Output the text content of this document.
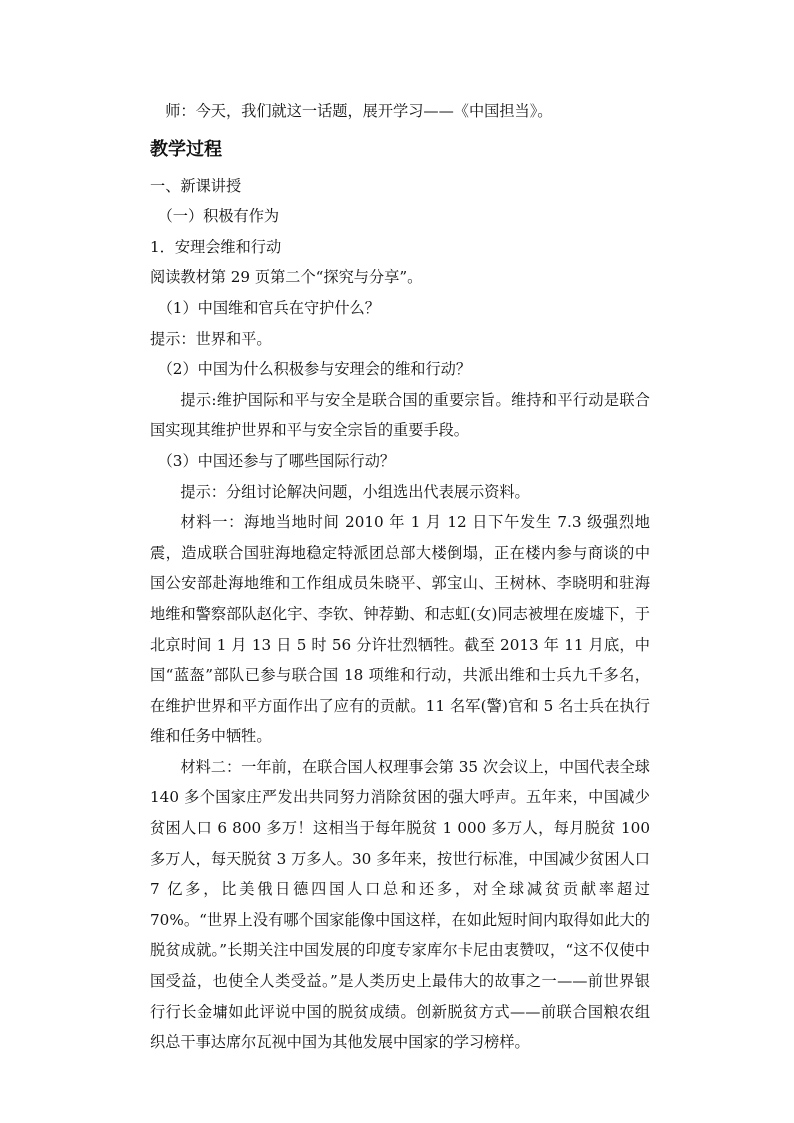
师：今天，我们就这一话题，展开学习——《中国担当》。

教学过程

一、新课讲授

（一）积极有作为

1．安理会维和行动

阅读教材第 29 页第二个“探究与分享”。

（1）中国维和官兵在守护什么？

提示：世界和平。

（2）中国为什么积极参与安理会的维和行动？

提示:维护国际和平与安全是联合国的重要宗旨。维持和平行动是联合国实现其维护世界和平与安全宗旨的重要手段。

（3）中国还参与了哪些国际行动？

提示：分组讨论解决问题，小组选出代表展示资料。

材料一：海地当地时间 2010 年 1 月 12 日下午发生 7.3 级强烈地震，造成联合国驻海地稳定特派团总部大楼倒塌，正在楼内参与商谈的中国公安部赴海地维和工作组成员朱晓平、郭宝山、王树林、李晓明和驻海地维和警察部队赵化宇、李钦、钟荐勤、和志虹(女)同志被埋在废墟下，于北京时间 1 月 13 日 5 时 56 分许壮烈牺牲。截至 2013 年 11 月底，中国“蓝盔”部队已参与联合国 18 项维和行动，共派出维和士兵九千多名，在维护世界和平方面作出了应有的贡献。11 名军(警)官和 5 名士兵在执行维和任务中牺牲。

材料二：一年前，在联合国人权理事会第 35 次会议上，中国代表全球 140 多个国家庄严发出共同努力消除贫困的强大呼声。五年来，中国减少贫困人口 6 800 多万！这相当于每年脱贫 1 000 多万人，每月脱贫 100 多万人，每天脱贫 3 万多人。30 多年来，按世行标准，中国减少贫困人口 7 亿多，比美俄日德四国人口总和还多，对全球减贫贡献率超过 70%。“世界上没有哪个国家能像中国这样，在如此短时间内取得如此大的脱贫成就。”长期关注中国发展的印度专家库尔卡尼由衷赞叹，“这不仅使中国受益，也使全人类受益。”是人类历史上最伟大的故事之一——前世界银行行长金墉如此评说中国的脱贫成绩。创新脱贫方式——前联合国粮农组织总干事达席尔瓦视中国为其他发展中国家的学习榜样。
